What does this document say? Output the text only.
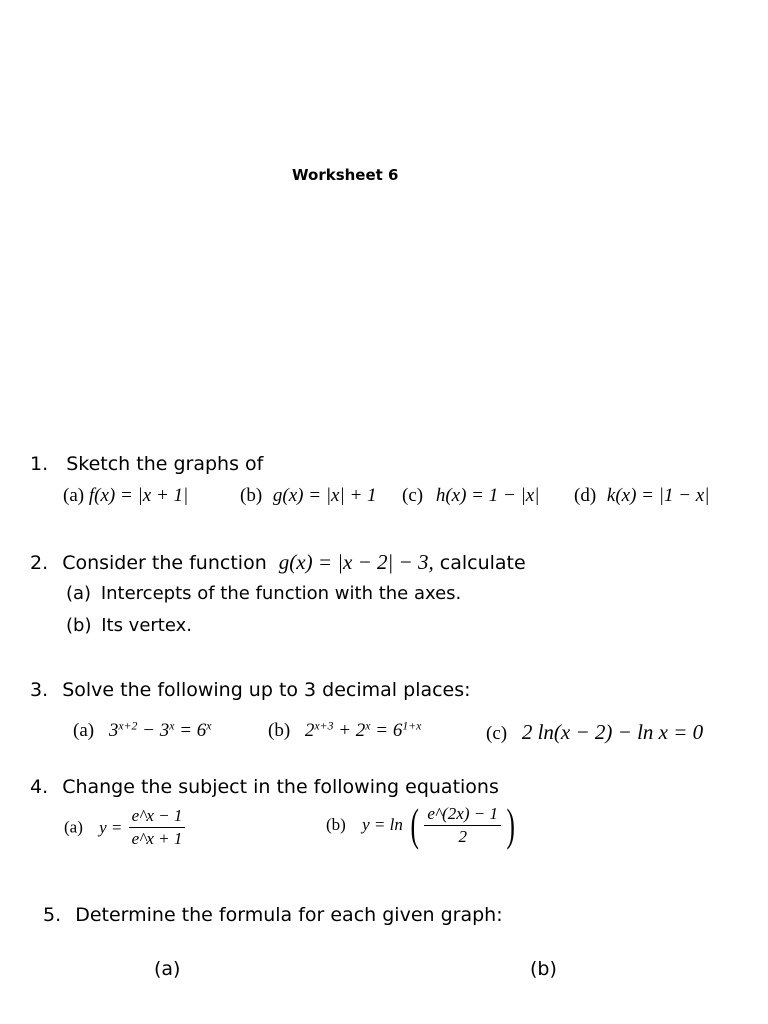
Worksheet 6
1. Sketch the graphs of
(a) f(x) = |x + 1|	(b) g(x) = |x| + 1 (c) h(x) = 1 − |x| (d) k(x) = |1 − x|
2. Consider the function g(x) = |x − 2| − 3, calculate
(a) Intercepts of the function with the axes.
(b) Its vertex.
3. Solve the following up to 3 decimal places:
(a) $3^{x+2} - 3^x = 6^x$	(b) $2^{x+3} + 2^x = 6^{1+x}$	(c) 2 ln(x − 2) − ln x = 0
4. Change the subject in the following equations
(a) $y = \frac{e\^{}x - 1}{e\^{}x + 1}$	(b) y = ln ( $\frac{e\^{}(2x) - 1}{2}$ )
5. Determine the formula for each given graph:
(a)	(b)
